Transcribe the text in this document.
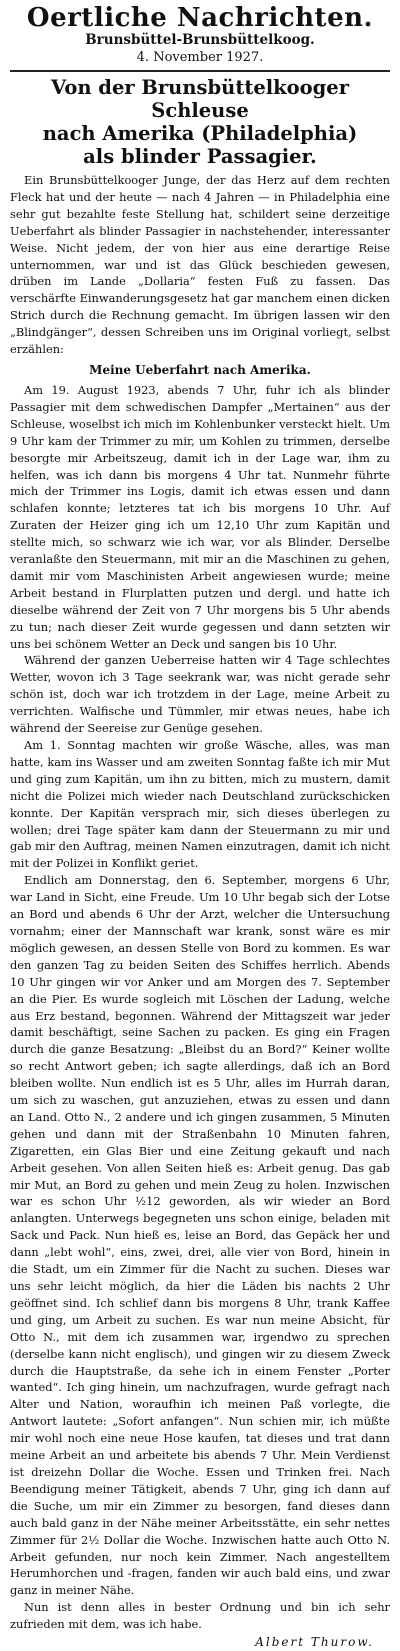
Oertliche Nachrichten.
Brunsbüttel-Brunsbüttelkoog.
4. November 1927.
Von der Brunsbüttelkooger Schleuse
nach Amerika (Philadelphia)
als blinder Passagier.

Ein Brunsbüttelkooger Junge, der das Herz auf dem rechten Fleck hat und der heute — nach 4 Jahren — in Philadelphia eine sehr gut bezahlte feste Stellung hat, schildert seine derzeitige Ueberfahrt als blinder Passagier in nachstehender, interessanter Weise. Nicht jedem, der von hier aus eine derartige Reise unternommen, war und ist das Glück beschieden gewesen, drüben im Lande „Dollaria“ festen Fuß zu fassen. Das verschärfte Einwanderungsgesetz hat gar manchem einen dicken Strich durch die Rechnung gemacht. Im übrigen lassen wir den „Blindgänger“, dessen Schreiben uns im Original vorliegt, selbst erzählen:

Meine Ueberfahrt nach Amerika.

Am 19. August 1923, abends 7 Uhr, fuhr ich als blinder Passagier mit dem schwedischen Dampfer „Mertainen“ aus der Schleuse, woselbst ich mich im Kohlenbunker versteckt hielt. Um 9 Uhr kam der Trimmer zu mir, um Kohlen zu trimmen, derselbe besorgte mir Arbeitszeug, damit ich in der Lage war, ihm zu helfen, was ich dann bis morgens 4 Uhr tat. Nunmehr führte mich der Trimmer ins Logis, damit ich etwas essen und dann schlafen konnte; letzteres tat ich bis morgens 10 Uhr. Auf Zuraten der Heizer ging ich um 12,10 Uhr zum Kapitän und stellte mich, so schwarz wie ich war, vor als Blinder. Derselbe veranlaßte den Steuermann, mit mir an die Maschinen zu gehen, damit mir vom Maschinisten Arbeit angewiesen wurde; meine Arbeit bestand in Flurplatten putzen und dergl. und hatte ich dieselbe während der Zeit von 7 Uhr morgens bis 5 Uhr abends zu tun; nach dieser Zeit wurde gegessen und dann setzten wir uns bei schönem Wetter an Deck und sangen bis 10 Uhr.

Während der ganzen Ueberreise hatten wir 4 Tage schlechtes Wetter, wovon ich 3 Tage seekrank war, was nicht gerade sehr schön ist, doch war ich trotzdem in der Lage, meine Arbeit zu verrichten. Walfische und Tümmler, mir etwas neues, habe ich während der Seereise zur Genüge gesehen.

Am 1. Sonntag machten wir große Wäsche, alles, was man hatte, kam ins Wasser und am zweiten Sonntag faßte ich mir Mut und ging zum Kapitän, um ihn zu bitten, mich zu mustern, damit nicht die Polizei mich wieder nach Deutschland zurückschicken konnte. Der Kapitän versprach mir, sich dieses überlegen zu wollen; drei Tage später kam dann der Steuermann zu mir und gab mir den Auftrag, meinen Namen einzutragen, damit ich nicht mit der Polizei in Konflikt geriet.

Endlich am Donnerstag, den 6. September, morgens 6 Uhr, war Land in Sicht, eine Freude. Um 10 Uhr begab sich der Lotse an Bord und abends 6 Uhr der Arzt, welcher die Untersuchung vornahm; einer der Mannschaft war krank, sonst wäre es mir möglich gewesen, an dessen Stelle von Bord zu kommen. Es war den ganzen Tag zu beiden Seiten des Schiffes herrlich. Abends 10 Uhr gingen wir vor Anker und am Morgen des 7. September an die Pier. Es wurde sogleich mit Löschen der Ladung, welche aus Erz bestand, begonnen. Während der Mittagszeit war jeder damit beschäftigt, seine Sachen zu packen. Es ging ein Fragen durch die ganze Besatzung: „Bleibst du an Bord?“ Keiner wollte so recht Antwort geben; ich sagte allerdings, daß ich an Bord bleiben wollte. Nun endlich ist es 5 Uhr, alles im Hurrah daran, um sich zu waschen, gut anzuziehen, etwas zu essen und dann an Land. Otto N., 2 andere und ich gingen zusammen, 5 Minuten gehen und dann mit der Straßenbahn 10 Minuten fahren, Zigaretten, ein Glas Bier und eine Zeitung gekauft und nach Arbeit gesehen. Von allen Seiten hieß es: Arbeit genug. Das gab mir Mut, an Bord zu gehen und mein Zeug zu holen. Inzwischen war es schon Uhr ½12 geworden, als wir wieder an Bord anlangten. Unterwegs begegneten uns schon einige, beladen mit Sack und Pack. Nun hieß es, leise an Bord, das Gepäck her und dann „lebt wohl“, eins, zwei, drei, alle vier von Bord, hinein in die Stadt, um ein Zimmer für die Nacht zu suchen. Dieses war uns sehr leicht möglich, da hier die Läden bis nachts 2 Uhr geöffnet sind. Ich schlief dann bis morgens 8 Uhr, trank Kaffee und ging, um Arbeit zu suchen. Es war nun meine Absicht, für Otto N., mit dem ich zusammen war, irgendwo zu sprechen (derselbe kann nicht englisch), und gingen wir zu diesem Zweck durch die Hauptstraße, da sehe ich in einem Fenster „Porter wanted“. Ich ging hinein, um nachzufragen, wurde gefragt nach Alter und Nation, woraufhin ich meinen Paß vorlegte, die Antwort lautete: „Sofort anfangen“. Nun schien mir, ich müßte mir wohl noch eine neue Hose kaufen, tat dieses und trat dann meine Arbeit an und arbeitete bis abends 7 Uhr. Mein Verdienst ist dreizehn Dollar die Woche. Essen und Trinken frei. Nach Beendigung meiner Tätigkeit, abends 7 Uhr, ging ich dann auf die Suche, um mir ein Zimmer zu besorgen, fand dieses dann auch bald ganz in der Nähe meiner Arbeitsstätte, ein sehr nettes Zimmer für 2½ Dollar die Woche. Inzwischen hatte auch Otto N. Arbeit gefunden, nur noch kein Zimmer. Nach angestelltem Herumhorchen und -fragen, fanden wir auch bald eins, und zwar ganz in meiner Nähe.

Nun ist denn alles in bester Ordnung und bin ich sehr zufrieden mit dem, was ich habe.

Albert Thurow.
